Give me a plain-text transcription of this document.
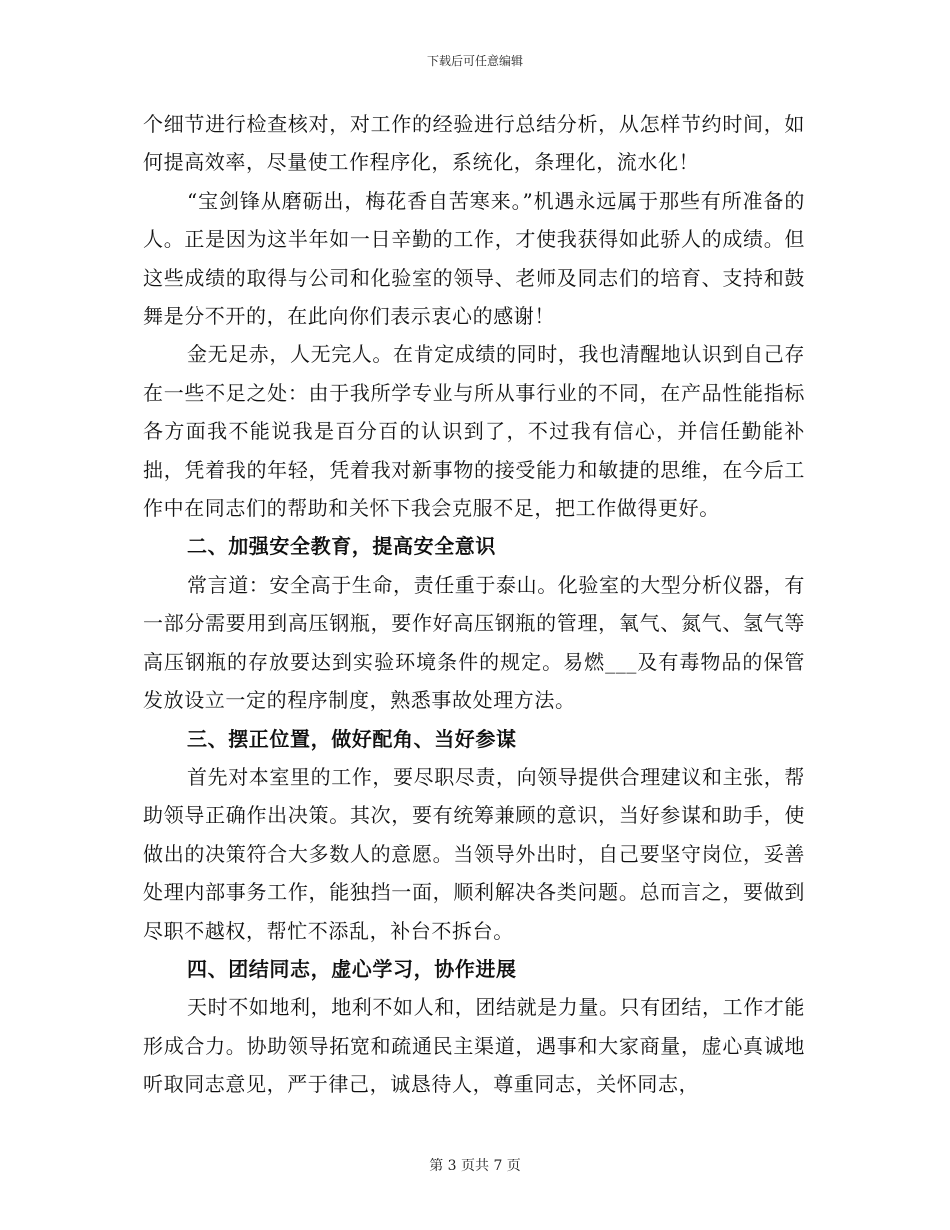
下载后可任意编辑

个细节进行检查核对，对工作的经验进行总结分析，从怎样节约时间，如何提高效率，尽量使工作程序化，系统化，条理化，流水化！

“宝剑锋从磨砺出，梅花香自苦寒来。”机遇永远属于那些有所准备的人。正是因为这半年如一日辛勤的工作，才使我获得如此骄人的成绩。但这些成绩的取得与公司和化验室的领导、老师及同志们的培育、支持和鼓舞是分不开的，在此向你们表示衷心的感谢！

金无足赤，人无完人。在肯定成绩的同时，我也清醒地认识到自己存在一些不足之处：由于我所学专业与所从事行业的不同，在产品性能指标各方面我不能说我是百分百的认识到了，不过我有信心，并信任勤能补拙，凭着我的年轻，凭着我对新事物的接受能力和敏捷的思维，在今后工作中在同志们的帮助和关怀下我会克服不足，把工作做得更好。

二、加强安全教育，提高安全意识

常言道：安全高于生命，责任重于泰山。化验室的大型分析仪器，有一部分需要用到高压钢瓶，要作好高压钢瓶的管理，氧气、氮气、氢气等高压钢瓶的存放要达到实验环境条件的规定。易燃___及有毒物品的保管发放设立一定的程序制度，熟悉事故处理方法。

三、摆正位置，做好配角、当好参谋

首先对本室里的工作，要尽职尽责，向领导提供合理建议和主张，帮助领导正确作出决策。其次，要有统筹兼顾的意识，当好参谋和助手，使做出的决策符合大多数人的意愿。当领导外出时，自己要坚守岗位，妥善处理内部事务工作，能独挡一面，顺利解决各类问题。总而言之，要做到尽职不越权，帮忙不添乱，补台不拆台。

四、团结同志，虚心学习，协作进展

天时不如地利，地利不如人和，团结就是力量。只有团结，工作才能形成合力。协助领导拓宽和疏通民主渠道，遇事和大家商量，虚心真诚地听取同志意见，严于律己，诚恳待人，尊重同志，关怀同志，

第 3 页共 7 页
